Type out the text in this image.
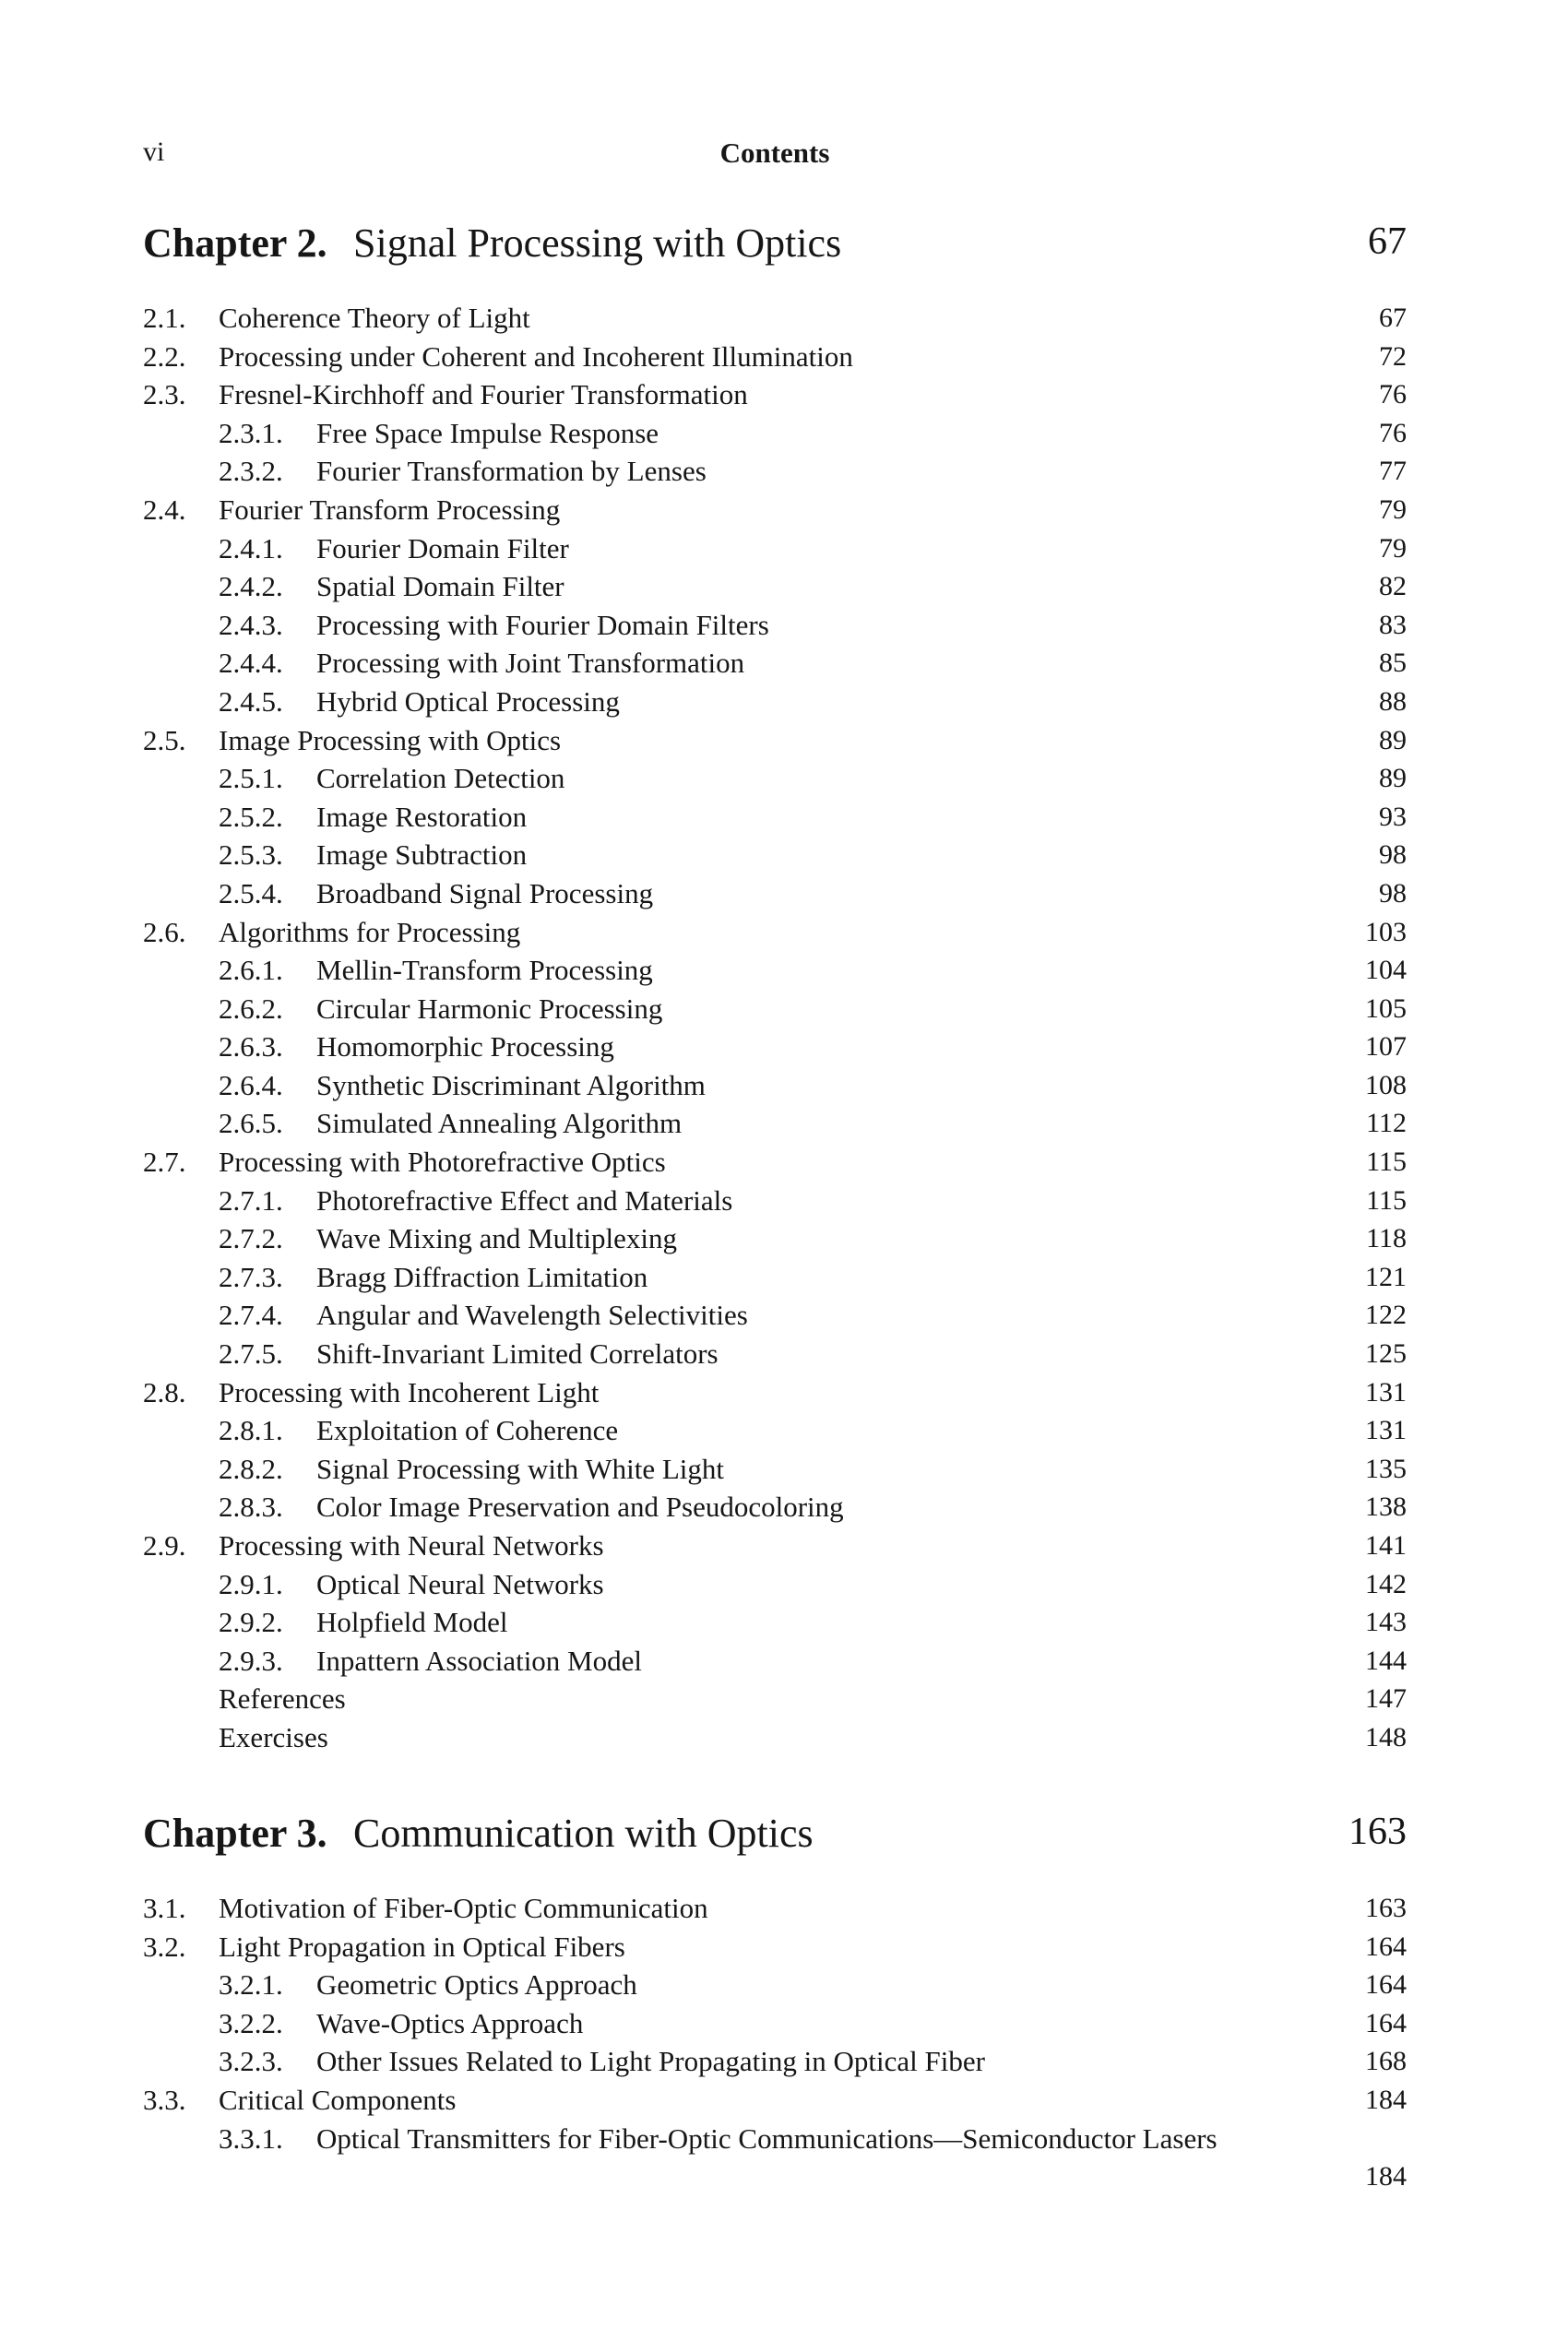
vi	Contents
Chapter 2. Signal Processing with Optics	67
2.1. Coherence Theory of Light	67
2.2. Processing under Coherent and Incoherent Illumination	72
2.3. Fresnel-Kirchhoff and Fourier Transformation	76
2.3.1. Free Space Impulse Response	76
2.3.2. Fourier Transformation by Lenses	77
2.4. Fourier Transform Processing	79
2.4.1. Fourier Domain Filter	79
2.4.2. Spatial Domain Filter	82
2.4.3. Processing with Fourier Domain Filters	83
2.4.4. Processing with Joint Transformation	85
2.4.5. Hybrid Optical Processing	88
2.5. Image Processing with Optics	89
2.5.1. Correlation Detection	89
2.5.2. Image Restoration	93
2.5.3. Image Subtraction	98
2.5.4. Broadband Signal Processing	98
2.6. Algorithms for Processing	103
2.6.1. Mellin-Transform Processing	104
2.6.2. Circular Harmonic Processing	105
2.6.3. Homomorphic Processing	107
2.6.4. Synthetic Discriminant Algorithm	108
2.6.5. Simulated Annealing Algorithm	112
2.7. Processing with Photorefractive Optics	115
2.7.1. Photorefractive Effect and Materials	115
2.7.2. Wave Mixing and Multiplexing	118
2.7.3. Bragg Diffraction Limitation	121
2.7.4. Angular and Wavelength Selectivities	122
2.7.5. Shift-Invariant Limited Correlators	125
2.8. Processing with Incoherent Light	131
2.8.1. Exploitation of Coherence	131
2.8.2. Signal Processing with White Light	135
2.8.3. Color Image Preservation and Pseudocoloring	138
2.9. Processing with Neural Networks	141
2.9.1. Optical Neural Networks	142
2.9.2. Holpfield Model	143
2.9.3. Inpattern Association Model	144
References	147
Exercises	148
Chapter 3. Communication with Optics	163
3.1. Motivation of Fiber-Optic Communication	163
3.2. Light Propagation in Optical Fibers	164
3.2.1. Geometric Optics Approach	164
3.2.2. Wave-Optics Approach	164
3.2.3. Other Issues Related to Light Propagating in Optical Fiber	168
3.3. Critical Components	184
3.3.1. Optical Transmitters for Fiber-Optic Communications—Semiconductor Lasers
184
